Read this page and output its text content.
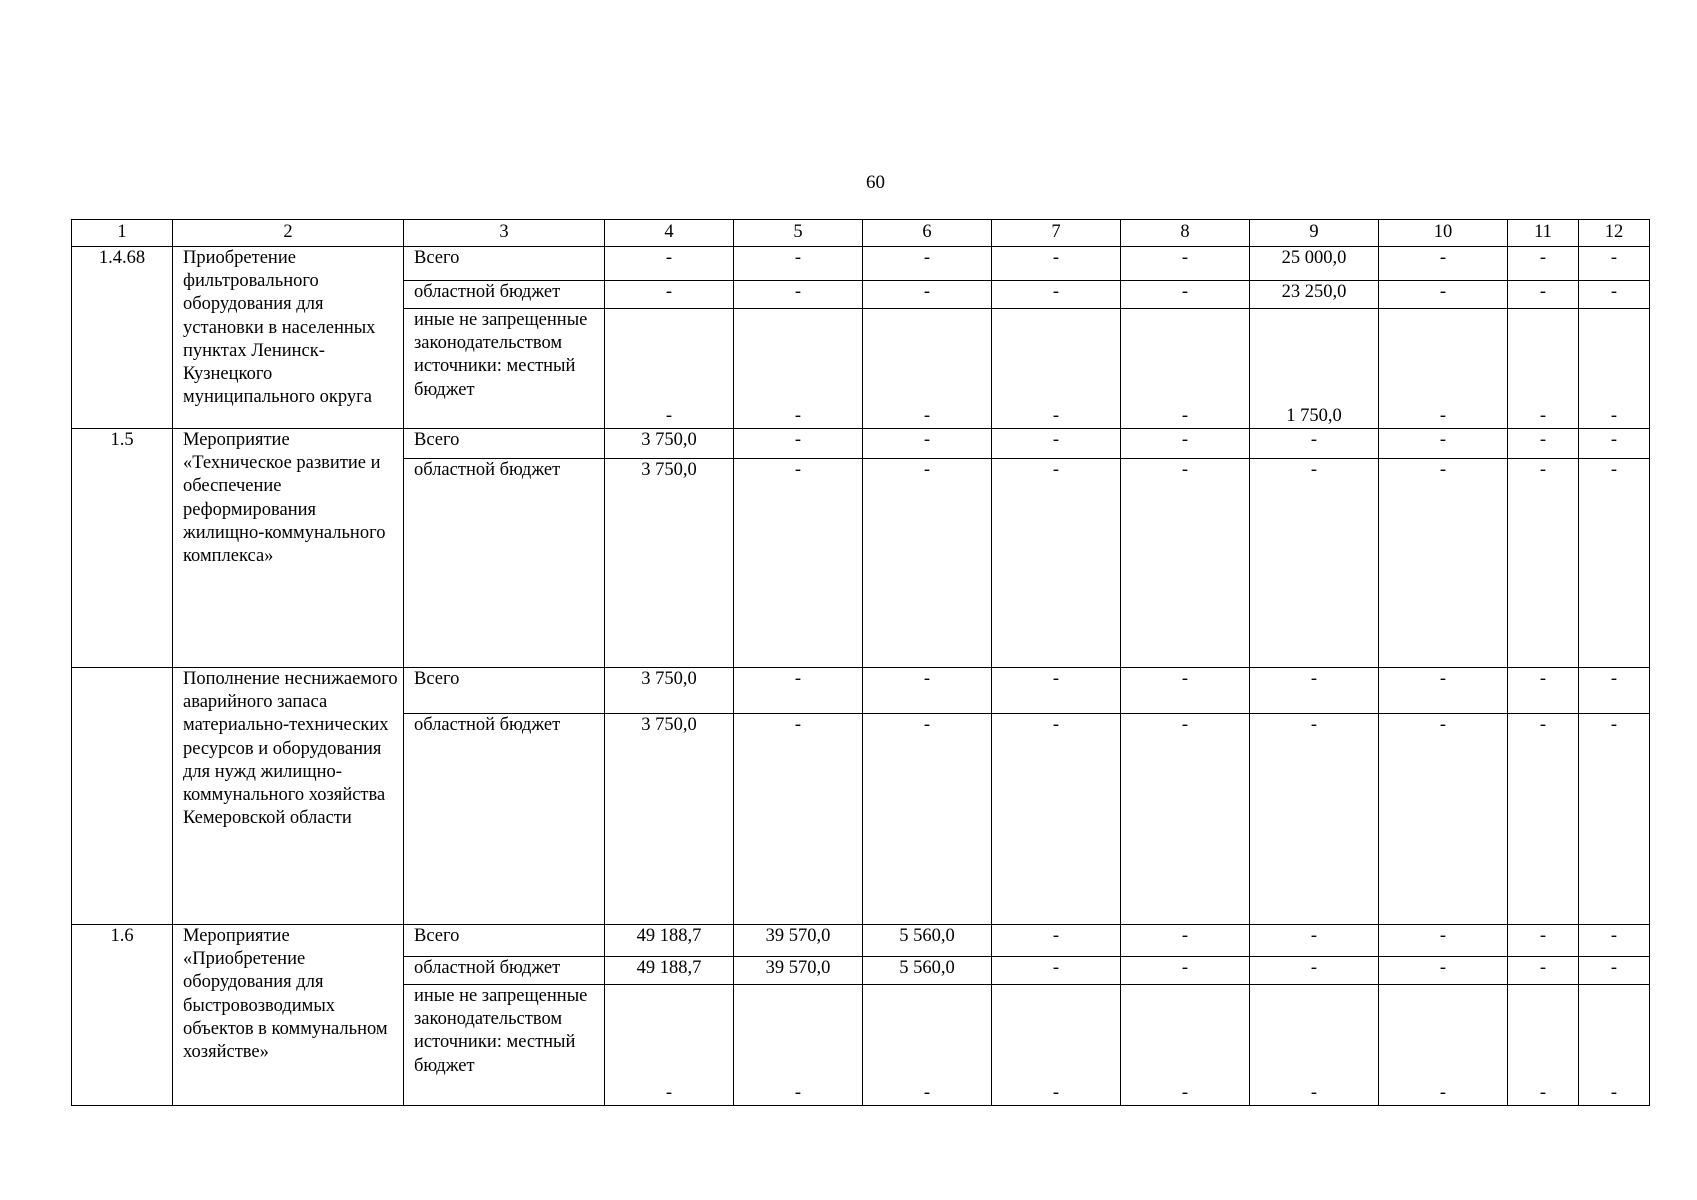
60
1	2	3	4	5	6	7	8	9	10	11	12
1.4.68	Приобретение фильтровального оборудования для установки в населенных пунктах Ленинск-Кузнецкого муниципального округа	Всего	-	-	-	-	-	25 000,0	-	-	-
		областной бюджет	-	-	-	-	-	23 250,0	-	-	-
		иные не запрещенные законодательством источники: местный бюджет	-	-	-	-	-	1 750,0	-	-	-
1.5	Мероприятие «Техническое развитие и обеспечение реформирования жилищно-коммунального комплекса»	Всего	3 750,0	-	-	-	-	-	-	-	-
		областной бюджет	3 750,0	-	-	-	-	-	-	-	-
	Пополнение неснижаемого аварийного запаса материально-технических ресурсов и оборудования для нужд жилищно-коммунального хозяйства Кемеровской области	Всего	3 750,0	-	-	-	-	-	-	-	-
		областной бюджет	3 750,0	-	-	-	-	-	-	-	-
1.6	Мероприятие «Приобретение оборудования для быстровозводимых объектов в коммунальном хозяйстве»	Всего	49 188,7	39 570,0	5 560,0	-	-	-	-	-	-
		областной бюджет	49 188,7	39 570,0	5 560,0	-	-	-	-	-	-
		иные не запрещенные законодательством источники: местный бюджет	-	-	-	-	-	-	-	-	-
